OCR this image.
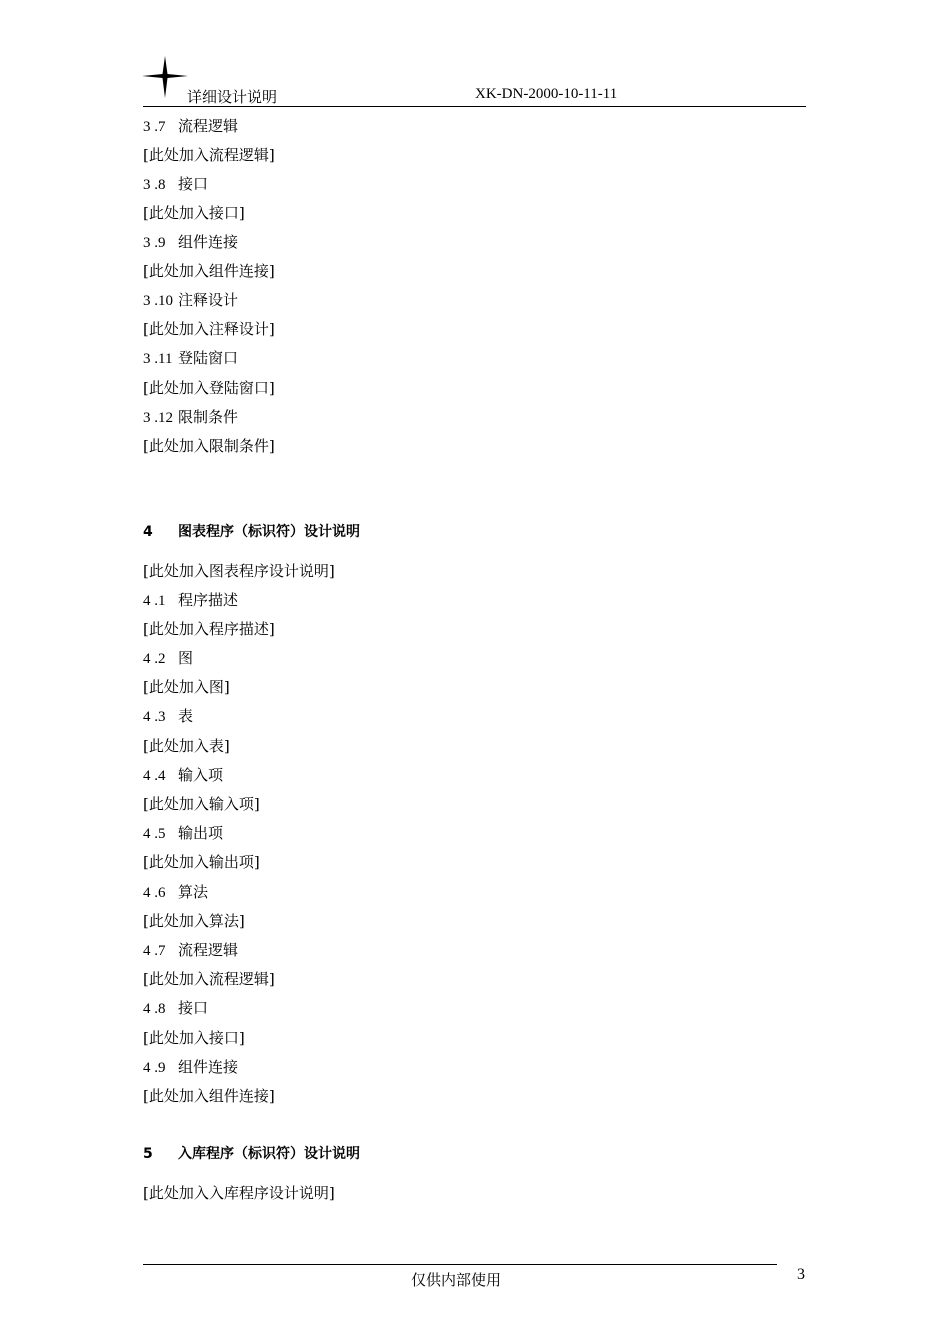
详细设计说明	XK-DN-2000-10-11-11
3 .7 流程逻辑
[此处加入流程逻辑]
3 .8 接口
[此处加入接口]
3 .9 组件连接
[此处加入组件连接]
3 .10 注释设计
[此处加入注释设计]
3 .11 登陆窗口
[此处加入登陆窗口]
3 .12 限制条件
[此处加入限制条件]
4 图表程序（标识符）设计说明
[此处加入图表程序设计说明]
4 .1 程序描述
[此处加入程序描述]
4 .2 图
[此处加入图]
4 .3 表
[此处加入表]
4 .4 输入项
[此处加入输入项]
4 .5 输出项
[此处加入输出项]
4 .6 算法
[此处加入算法]
4 .7 流程逻辑
[此处加入流程逻辑]
4 .8 接口
[此处加入接口]
4 .9 组件连接
[此处加入组件连接]
5 入库程序（标识符）设计说明
[此处加入入库程序设计说明]
仅供内部使用	3
